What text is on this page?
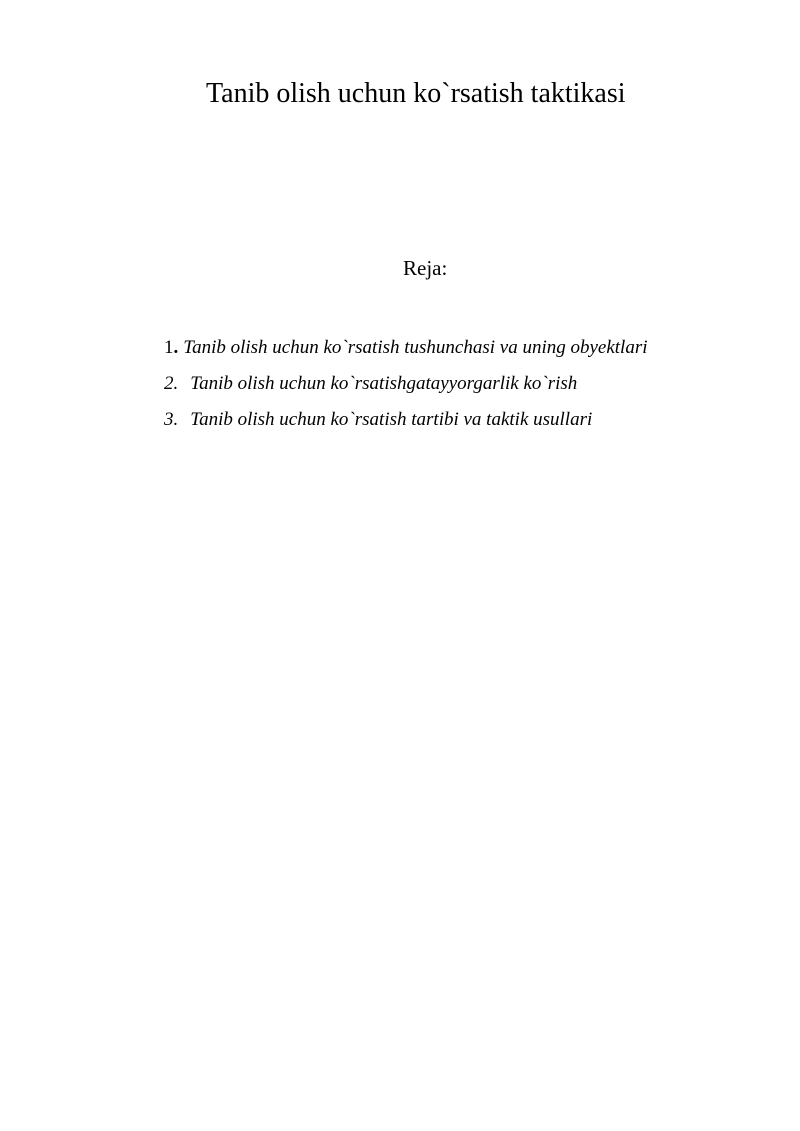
Tanib olish uchun ko`rsatish taktikasi
Reja:
1. Tanib olish uchun ko`rsatish tushunchasi va uning obyektlari
2. Tanib olish uchun ko`rsatishgatayyorgarlik ko`rish
3. Tanib olish uchun ko`rsatish tartibi va taktik usullari
